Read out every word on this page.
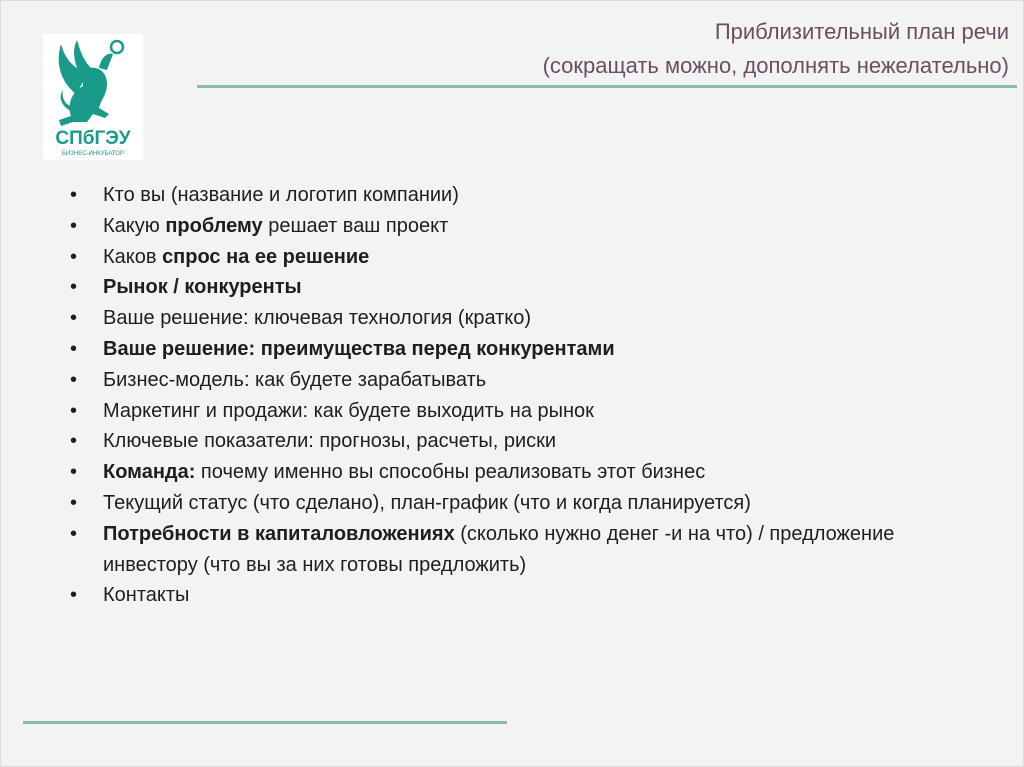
СПбГЭУ
БИЗНЕС-ИНКУБАТОР
Приблизительный план речи
(сокращать можно, дополнять нежелательно)
• Кто вы (название и логотип компании)
• Какую проблему решает ваш проект
• Каков спрос на ее решение
• Рынок / конкуренты
• Ваше решение: ключевая технология (кратко)
• Ваше решение: преимущества перед конкурентами
• Бизнес-модель: как будете зарабатывать
• Маркетинг и продажи: как будете выходить на рынок
• Ключевые показатели: прогнозы, расчеты, риски
• Команда: почему именно вы способны реализовать этот бизнес
• Текущий статус (что сделано), план-график (что и когда планируется)
• Потребности в капиталовложениях (сколько нужно денег -и на что) / предложение инвестору (что вы за них готовы предложить)
• Контакты
